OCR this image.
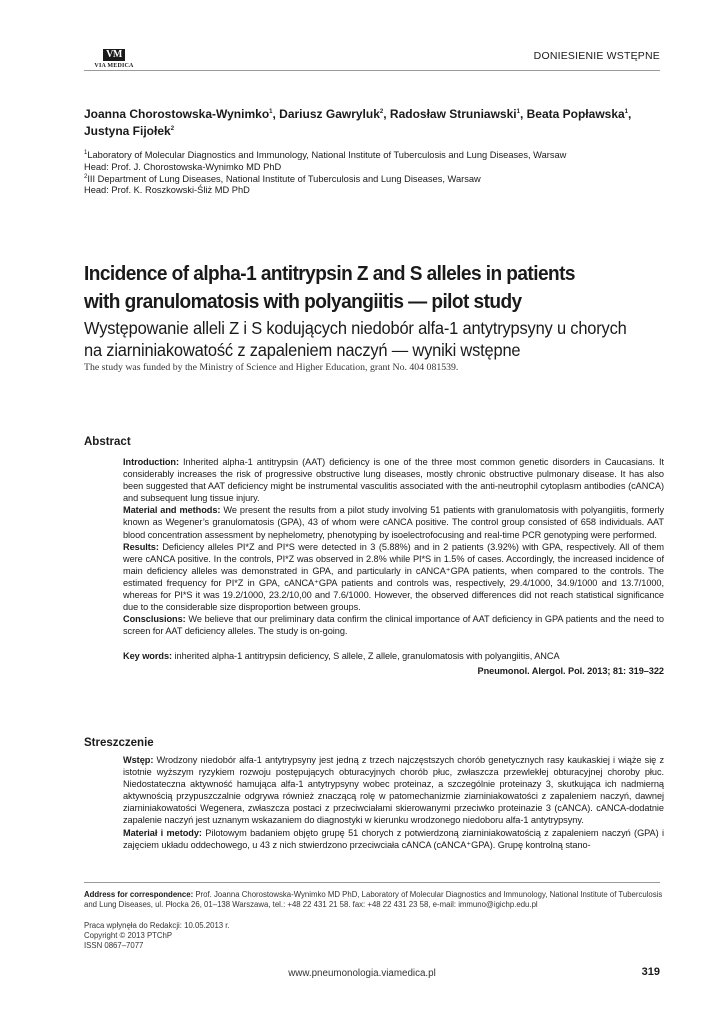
VM
VIA MEDICA
DONIESIENIE WSTĘPNE
Joanna Chorostowska-Wynimko$^1$, Dariusz Gawryluk$^2$, Radosław Struniawski$^1$, Beata Popławska$^1$,
Justyna Fijołek$^2$
$^1$Laboratory of Molecular Diagnostics and Immunology, National Institute of Tuberculosis and Lung Diseases, Warsaw
Head: Prof. J. Chorostowska-Wynimko MD PhD
$^2$III Department of Lung Diseases, National Institute of Tuberculosis and Lung Diseases, Warsaw
Head: Prof. K. Roszkowski-Śliż MD PhD
Incidence of alpha-1 antitrypsin Z and S alleles in patients
with granulomatosis with polyangiitis — pilot study
Występowanie alleli Z i S kodujących niedobór alfa-1 antytrypsyny u chorych
na ziarniniakowatość z zapaleniem naczyń — wyniki wstępne
The study was funded by the Ministry of Science and Higher Education, grant No. 404 081539.
Abstract

Introduction: Inherited alpha-1 antitrypsin (AAT) deficiency is one of the three most common genetic disorders in Caucasians. It considerably increases the risk of progressive obstructive lung diseases, mostly chronic obstructive pulmonary disease. It has also been suggested that AAT deficiency might be instrumental vasculitis associated with the anti-neutrophil cytoplasm antibodies (cANCA) and subsequent lung tissue injury.

Material and methods: We present the results from a pilot study involving 51 patients with granulomatosis with polyangiitis, formerly known as Wegener’s granulomatosis (GPA), 43 of whom were cANCA positive. The control group consisted of 658 individuals. AAT blood concentration assessment by nephelometry, phenotyping by isoelectrofocusing and real-time PCR genotyping were performed.

Results: Deficiency alleles PI*Z and PI*S were detected in 3 (5.88%) and in 2 patients (3.92%) with GPA, respectively. All of them were cANCA positive. In the controls, PI*Z was observed in 2.8% while PI*S in 1.5% of cases. Accordingly, the increased incidence of main deficiency alleles was demonstrated in GPA, and particularly in cANCA⁺GPA patients, when compared to the controls. The estimated frequency for PI*Z in GPA, cANCA⁺GPA patients and controls was, respectively, 29.4/1000, 34.9/1000 and 13.7/1000, whereas for PI*S it was 19.2/1000, 23.2/10,00 and 7.6/1000. However, the observed differences did not reach statistical significance due to the considerable size disproportion between groups.

Consclusions: We believe that our preliminary data confirm the clinical importance of AAT deficiency in GPA patients and the need to screen for AAT deficiency alleles. The study is on-going.

Key words: inherited alpha-1 antitrypsin deficiency, S allele, Z allele, granulomatosis with polyangiitis, ANCA

Pneumonol. Alergol. Pol. 2013; 81: 319–322

Streszczenie

Wstęp: Wrodzony niedobór alfa-1 antytrypsyny jest jedną z trzech najczęstszych chorób genetycznych rasy kaukaskiej i wiąże się z istotnie wyższym ryzykiem rozwoju postępujących obturacyjnych chorób płuc, zwłaszcza przewlekłej obturacyjnej choroby płuc. Niedostateczna aktywność hamująca alfa-1 antytrypsyny wobec proteinaz, a szczególnie proteinazy 3, skutkująca ich nadmierną aktywnością przypuszczalnie odgrywa również znaczącą rolę w patomechanizmie ziarniniakowatości z zapaleniem naczyń, dawnej ziarniniakowatości Wegenera, zwłaszcza postaci z przeciwciałami skierowanymi przeciwko proteinazie 3 (cANCA). cANCA-dodatnie zapalenie naczyń jest uznanym wskazaniem do diagnostyki w kierunku wrodzonego niedoboru alfa-1 antytrypsyny.

Materiał i metody: Pilotowym badaniem objęto grupę 51 chorych z potwierdzoną ziarniniakowatością z zapaleniem naczyń (GPA) i zajęciem układu oddechowego, u 43 z nich stwierdzono przeciwciała cANCA (cANCA⁺GPA). Grupę kontrolną stano-

Address for correspondence: Prof. Joanna Chorostowska-Wynimko MD PhD, Laboratory of Molecular Diagnostics and Immunology, National Institute of Tuberculosis and Lung Diseases, ul. Płocka 26, 01–138 Warszawa, tel.: +48 22 431 21 58. fax: +48 22 431 23 58, e-mail: immuno@igichp.edu.pl
Praca wpłynęła do Redakcji: 10.05.2013 r.
Copyright © 2013 PTChP
ISSN 0867–7077
www.pneumonologia.viamedica.pl	319
